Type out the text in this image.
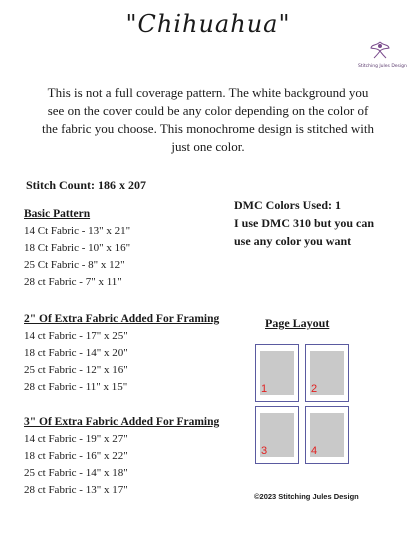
"Chihuahua"
Stitching Jules Design
This is not a full coverage pattern. The white background you see on the cover could be any color depending on the color of the fabric you choose. This monochrome design is stitched with just one color.
Stitch Count: 186 x 207
Basic Pattern
14 Ct Fabric - 13" x 21"
18 Ct Fabric - 10" x 16"
25 Ct Fabric - 8" x 12"
28 ct Fabric - 7" x 11"
2" Of Extra Fabric Added For Framing
14 ct Fabric - 17" x 25"
18 ct Fabric - 14" x 20"
25 ct Fabric - 12" x 16"
28 ct Fabric - 11" x 15"
3" Of Extra Fabric Added For Framing
14 ct Fabric - 19" x 27"
18 ct Fabric - 16" x 22"
25 ct Fabric - 14" x 18"
28 ct Fabric - 13" x 17"
DMC Colors Used: 1
I use DMC 310 but you can
use any color you want
Page Layout
1	2
3	4
©2023 Stitching Jules Design
